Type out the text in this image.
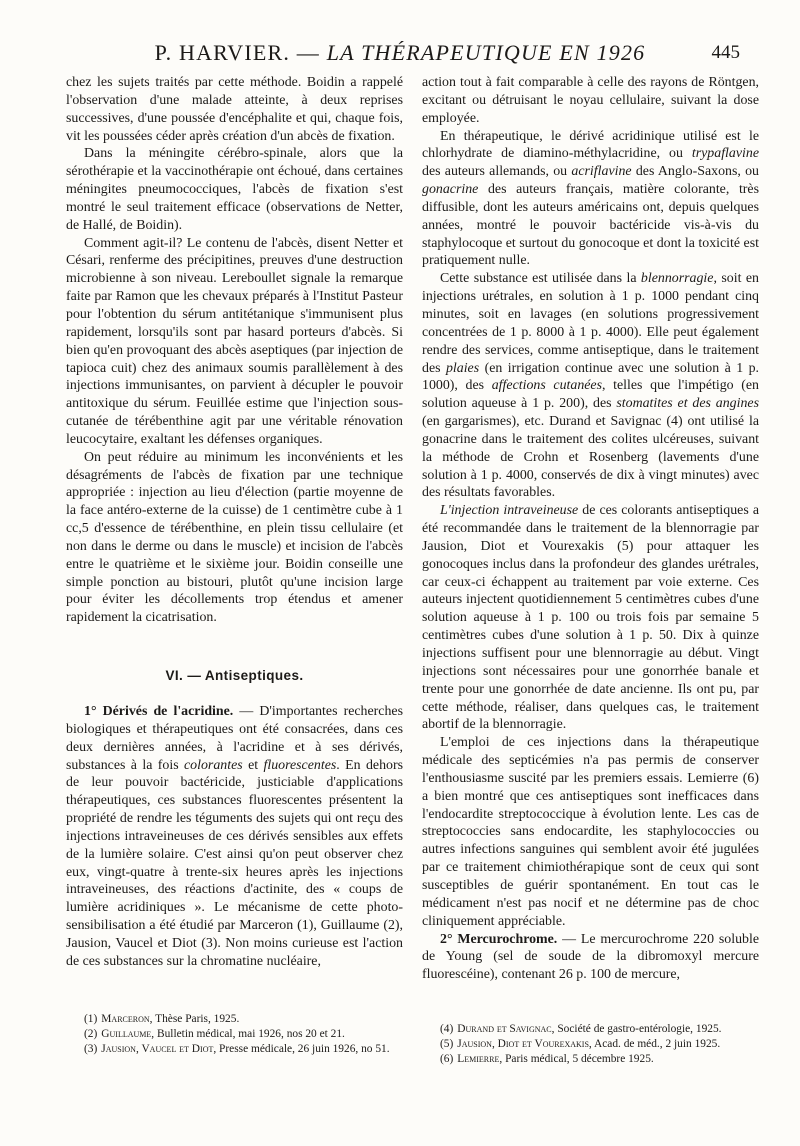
P. HARVIER. — LA THÉRAPEUTIQUE EN 1926	445

chez les sujets traités par cette méthode. Boidin a rappelé l'observation d'une malade atteinte, à deux reprises successives, d'une poussée d'encéphalite et qui, chaque fois, vit les poussées céder après création d'un abcès de fixation.

Dans la méningite cérébro-spinale, alors que la sérothérapie et la vaccinothérapie ont échoué, dans certaines méningites pneumococciques, l'abcès de fixation s'est montré le seul traitement efficace (observations de Netter, de Hallé, de Boidin).

Comment agit-il? Le contenu de l'abcès, disent Netter et Césari, renferme des précipitines, preuves d'une destruction microbienne à son niveau. Lereboullet signale la remarque faite par Ramon que les chevaux préparés à l'Institut Pasteur pour l'obtention du sérum antitétanique s'immunisent plus rapidement, lorsqu'ils sont par hasard porteurs d'abcès. Si bien qu'en provoquant des abcès aseptiques (par injection de tapioca cuit) chez des animaux soumis parallèlement à des injections immunisantes, on parvient à décupler le pouvoir antitoxique du sérum. Feuillée estime que l'injection sous-cutanée de térébenthine agit par une véritable rénovation leucocytaire, exaltant les défenses organiques.

On peut réduire au minimum les inconvénients et les désagréments de l'abcès de fixation par une technique appropriée : injection au lieu d'élection (partie moyenne de la face antéro-externe de la cuisse) de 1 centimètre cube à 1 cc,5 d'essence de térébenthine, en plein tissu cellulaire (et non dans le derme ou dans le muscle) et incision de l'abcès entre le quatrième et le sixième jour. Boidin conseille une simple ponction au bistouri, plutôt qu'une incision large pour éviter les décollements trop étendus et amener rapidement la cicatrisation.

VI. — Antiseptiques.

1° Dérivés de l'acridine. — D'importantes recherches biologiques et thérapeutiques ont été consacrées, dans ces deux dernières années, à l'acridine et à ses dérivés, substances à la fois colorantes et fluorescentes. En dehors de leur pouvoir bactéricide, justiciable d'applications thérapeutiques, ces substances fluorescentes présentent la propriété de rendre les téguments des sujets qui ont reçu des injections intraveineuses de ces dérivés sensibles aux effets de la lumière solaire. C'est ainsi qu'on peut observer chez eux, vingt-quatre à trente-six heures après les injections intraveineuses, des réactions d'actinite, des « coups de lumière acridiniques ». Le mécanisme de cette photo-sensibilisation a été étudié par Marceron (1), Guillaume (2), Jausion, Vaucel et Diot (3). Non moins curieuse est l'action de ces substances sur la chromatine nucléaire,

action tout à fait comparable à celle des rayons de Röntgen, excitant ou détruisant le noyau cellulaire, suivant la dose employée.

En thérapeutique, le dérivé acridinique utilisé est le chlorhydrate de diamino-méthylacridine, ou trypaflavine des auteurs allemands, ou acriflavine des Anglo-Saxons, ou gonacrine des auteurs français, matière colorante, très diffusible, dont les auteurs américains ont, depuis quelques années, montré le pouvoir bactéricide vis-à-vis du staphylocoque et surtout du gonocoque et dont la toxicité est pratiquement nulle.

Cette substance est utilisée dans la blennorragie, soit en injections urétrales, en solution à 1 p. 1000 pendant cinq minutes, soit en lavages (en solutions progressivement concentrées de 1 p. 8000 à 1 p. 4000). Elle peut également rendre des services, comme antiseptique, dans le traitement des plaies (en irrigation continue avec une solution à 1 p. 1000), des affections cutanées, telles que l'impétigo (en solution aqueuse à 1 p. 200), des stomatites et des angines (en gargarismes), etc. Durand et Savignac (4) ont utilisé la gonacrine dans le traitement des colites ulcéreuses, suivant la méthode de Crohn et Rosenberg (lavements d'une solution à 1 p. 4000, conservés de dix à vingt minutes) avec des résultats favorables.

L'injection intraveineuse de ces colorants antiseptiques a été recommandée dans le traitement de la blennorragie par Jausion, Diot et Vourexakis (5) pour attaquer les gonocoques inclus dans la profondeur des glandes urétrales, car ceux-ci échappent au traitement par voie externe. Ces auteurs injectent quotidiennement 5 centimètres cubes d'une solution aqueuse à 1 p. 100 ou trois fois par semaine 5 centimètres cubes d'une solution à 1 p. 50. Dix à quinze injections suffisent pour une blennorragie au début. Vingt injections sont nécessaires pour une gonorrhée banale et trente pour une gonorrhée de date ancienne. Ils ont pu, par cette méthode, réaliser, dans quelques cas, le traitement abortif de la blennorragie.

L'emploi de ces injections dans la thérapeutique médicale des septicémies n'a pas permis de conserver l'enthousiasme suscité par les premiers essais. Lemierre (6) a bien montré que ces antiseptiques sont inefficaces dans l'endocardite streptococcique à évolution lente. Les cas de streptococcies sans endocardite, les staphylococcies ou autres infections sanguines qui semblent avoir été jugulées par ce traitement chimiothérapique sont de ceux qui sont susceptibles de guérir spontanément. En tout cas le médicament n'est pas nocif et ne détermine pas de choc cliniquement appréciable.

2° Mercurochrome. — Le mercurochrome 220 soluble de Young (sel de soude de la dibromoxyl mercure fluorescéine), contenant 26 p. 100 de mercure,

(1) Marceron, Thèse Paris, 1925.

(2) Guillaume, Bulletin médical, mai 1926, nos 20 et 21.

(3) Jausion, Vaucel et Diot, Presse médicale, 26 juin 1926, no 51.

(4) Durand et Savignac, Société de gastro-entérologie, 1925.

(5) Jausion, Diot et Vourexakis, Acad. de méd., 2 juin 1925.

(6) Lemierre, Paris médical, 5 décembre 1925.
